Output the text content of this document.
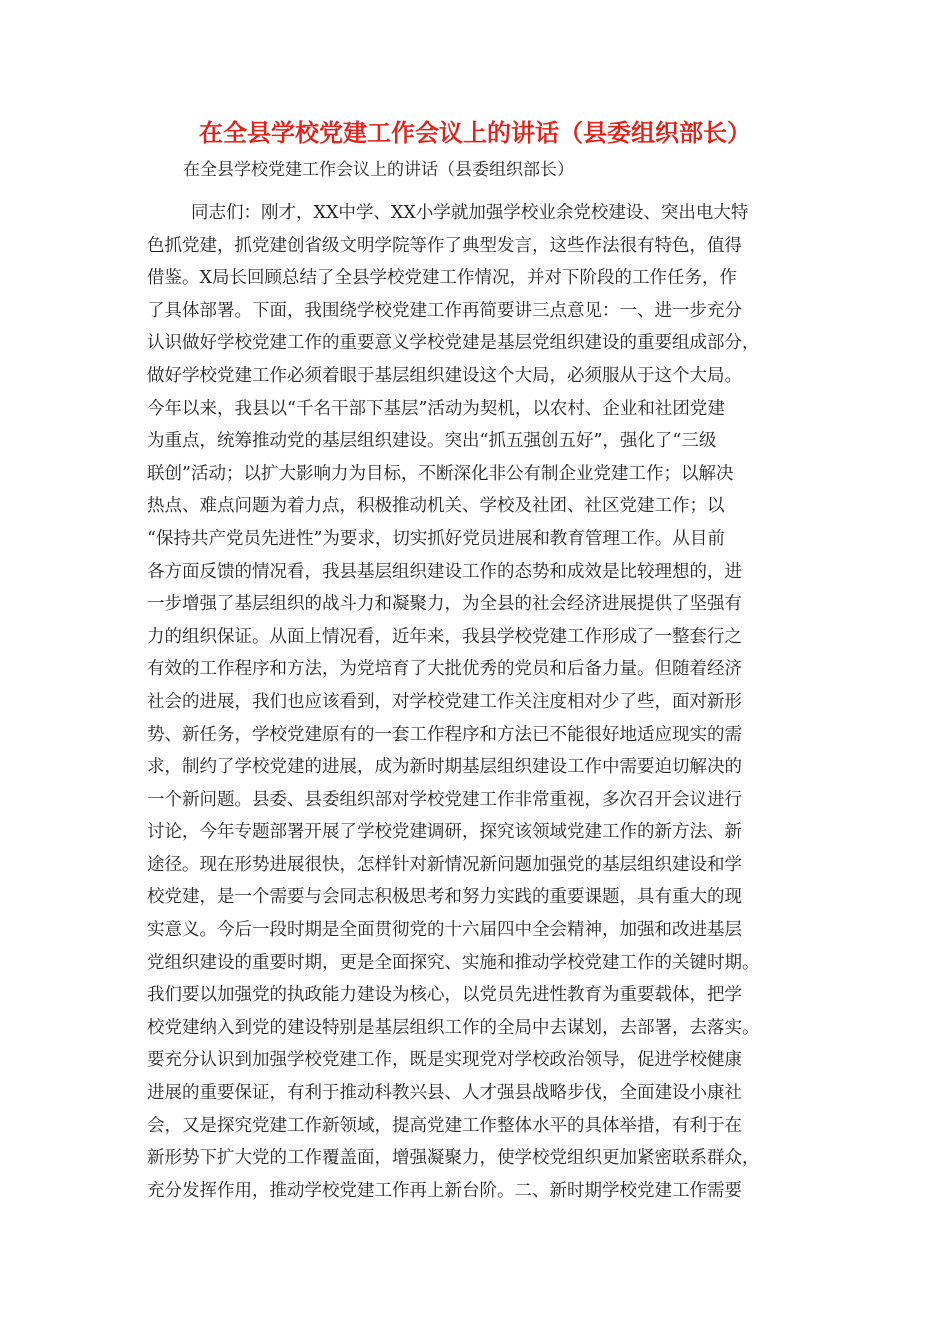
在全县学校党建工作会议上的讲话（县委组织部长）
在全县学校党建工作会议上的讲话（县委组织部长）
同志们：刚才，XX中学、XX小学就加强学校业余党校建设、突出电大特
色抓党建，抓党建创省级文明学院等作了典型发言，这些作法很有特色，值得
借鉴。X局长回顾总结了全县学校党建工作情况，并对下阶段的工作任务，作
了具体部署。下面，我围绕学校党建工作再简要讲三点意见：一、进一步充分
认识做好学校党建工作的重要意义学校党建是基层党组织建设的重要组成部分，
做好学校党建工作必须着眼于基层组织建设这个大局，必须服从于这个大局。
今年以来，我县以“千名干部下基层”活动为契机，以农村、企业和社团党建
为重点，统筹推动党的基层组织建设。突出“抓五强创五好”，强化了“三级
联创”活动；以扩大影响力为目标，不断深化非公有制企业党建工作；以解决
热点、难点问题为着力点，积极推动机关、学校及社团、社区党建工作；以
“保持共产党员先进性”为要求，切实抓好党员进展和教育管理工作。从目前
各方面反馈的情况看，我县基层组织建设工作的态势和成效是比较理想的，进
一步增强了基层组织的战斗力和凝聚力，为全县的社会经济进展提供了坚强有
力的组织保证。从面上情况看，近年来，我县学校党建工作形成了一整套行之
有效的工作程序和方法，为党培育了大批优秀的党员和后备力量。但随着经济
社会的进展，我们也应该看到，对学校党建工作关注度相对少了些，面对新形
势、新任务，学校党建原有的一套工作程序和方法已不能很好地适应现实的需
求，制约了学校党建的进展，成为新时期基层组织建设工作中需要迫切解决的
一个新问题。县委、县委组织部对学校党建工作非常重视，多次召开会议进行
讨论，今年专题部署开展了学校党建调研，探究该领域党建工作的新方法、新
途径。现在形势进展很快，怎样针对新情况新问题加强党的基层组织建设和学
校党建，是一个需要与会同志积极思考和努力实践的重要课题，具有重大的现
实意义。今后一段时期是全面贯彻党的十六届四中全会精神，加强和改进基层
党组织建设的重要时期，更是全面探究、实施和推动学校党建工作的关键时期。
我们要以加强党的执政能力建设为核心，以党员先进性教育为重要载体，把学
校党建纳入到党的建设特别是基层组织工作的全局中去谋划，去部署，去落实。
要充分认识到加强学校党建工作，既是实现党对学校政治领导，促进学校健康
进展的重要保证，有利于推动科教兴县、人才强县战略步伐，全面建设小康社
会，又是探究党建工作新领域，提高党建工作整体水平的具体举措，有利于在
新形势下扩大党的工作覆盖面，增强凝聚力，使学校党组织更加紧密联系群众，
充分发挥作用，推动学校党建工作再上新台阶。二、新时期学校党建工作需要
